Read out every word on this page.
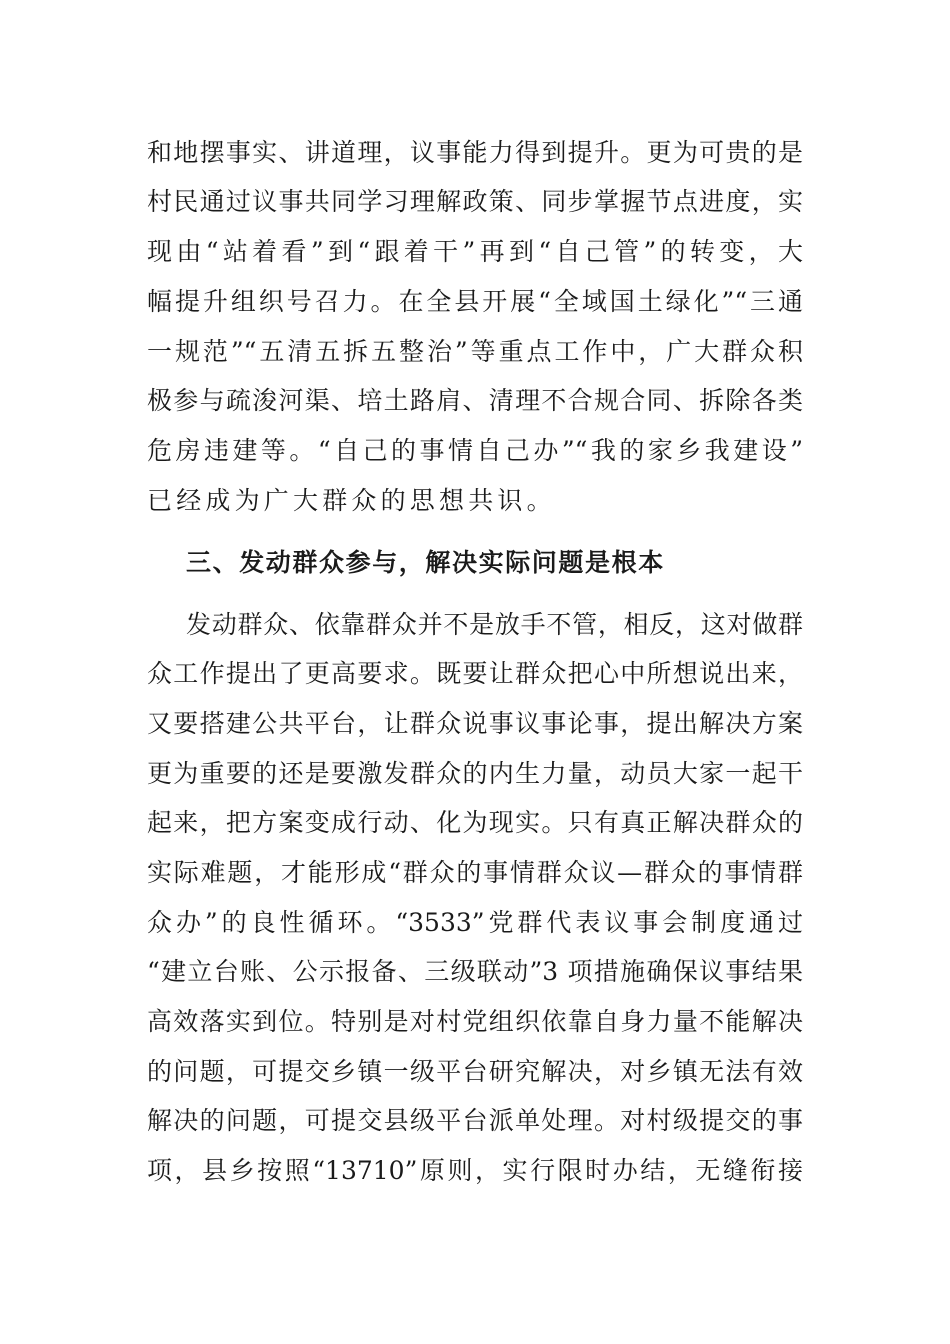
和地摆事实、讲道理，议事能力得到提升。更为可贵的是
村民通过议事共同学习理解政策、同步掌握节点进度，实
现由“站着看”到“跟着干”再到“自己管”的转变，大
幅提升组织号召力。在全县开展“全域国土绿化”“三通
一规范”“五清五拆五整治”等重点工作中，广大群众积
极参与疏浚河渠、培土路肩、清理不合规合同、拆除各类
危房违建等。“自己的事情自己办”“我的家乡我建设”
已经成为广大群众的思想共识。
三、发动群众参与，解决实际问题是根本
发动群众、依靠群众并不是放手不管，相反，这对做群
众工作提出了更高要求。既要让群众把心中所想说出来，
又要搭建公共平台，让群众说事议事论事，提出解决方案
更为重要的还是要激发群众的内生力量，动员大家一起干
起来，把方案变成行动、化为现实。只有真正解决群众的
实际难题，才能形成“群众的事情群众议—群众的事情群
众办”的良性循环。“3533”党群代表议事会制度通过
“建立台账、公示报备、三级联动”3 项措施确保议事结果
高效落实到位。特别是对村党组织依靠自身力量不能解决
的问题，可提交乡镇一级平台研究解决，对乡镇无法有效
解决的问题，可提交县级平台派单处理。对村级提交的事
项，县乡按照“13710”原则，实行限时办结，无缝衔接
